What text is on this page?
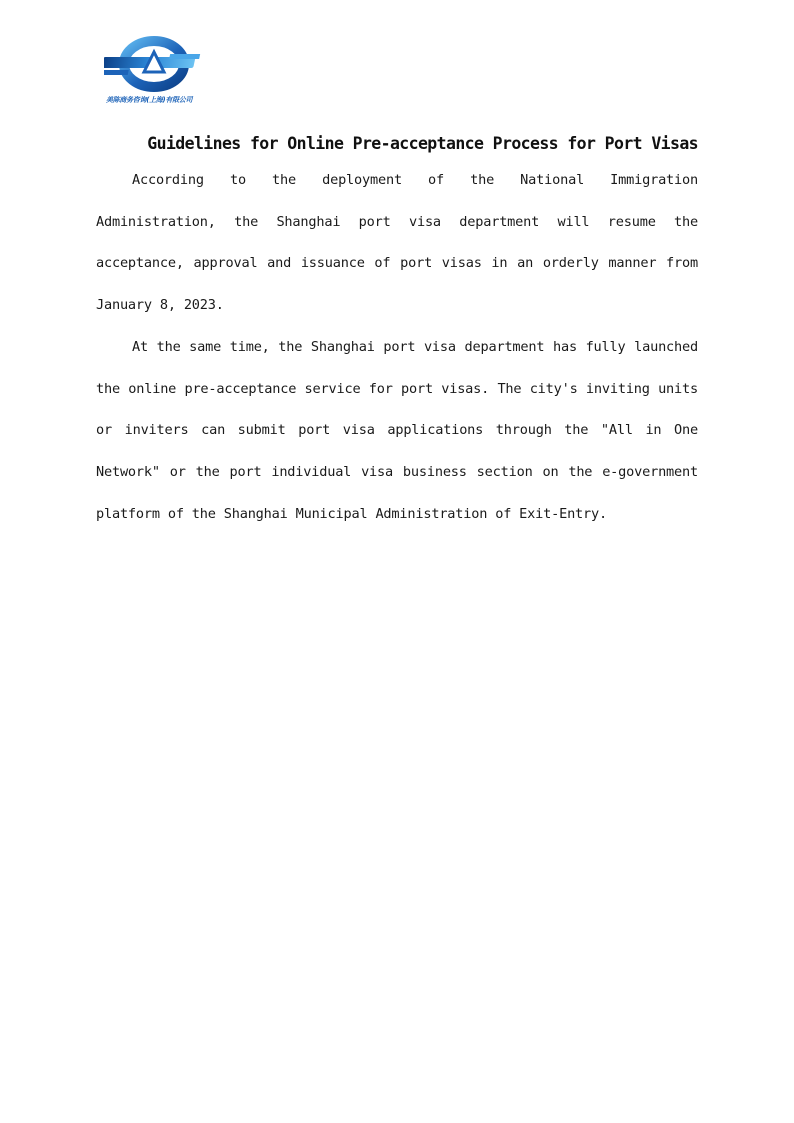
美陈商务咨询(上海)有限公司
Guidelines for Online Pre-acceptance Process for Port Visas

According to the deployment of the National Immigration Administration, the Shanghai port visa department will resume the acceptance, approval and issuance of port visas in an orderly manner from January 8, 2023.

At the same time, the Shanghai port visa department has fully launched the online pre-acceptance service for port visas. The city's inviting units or inviters can submit port visa applications through the "All in One Network" or the port individual visa business section on the e-government platform of the Shanghai Municipal Administration of Exit-Entry.
